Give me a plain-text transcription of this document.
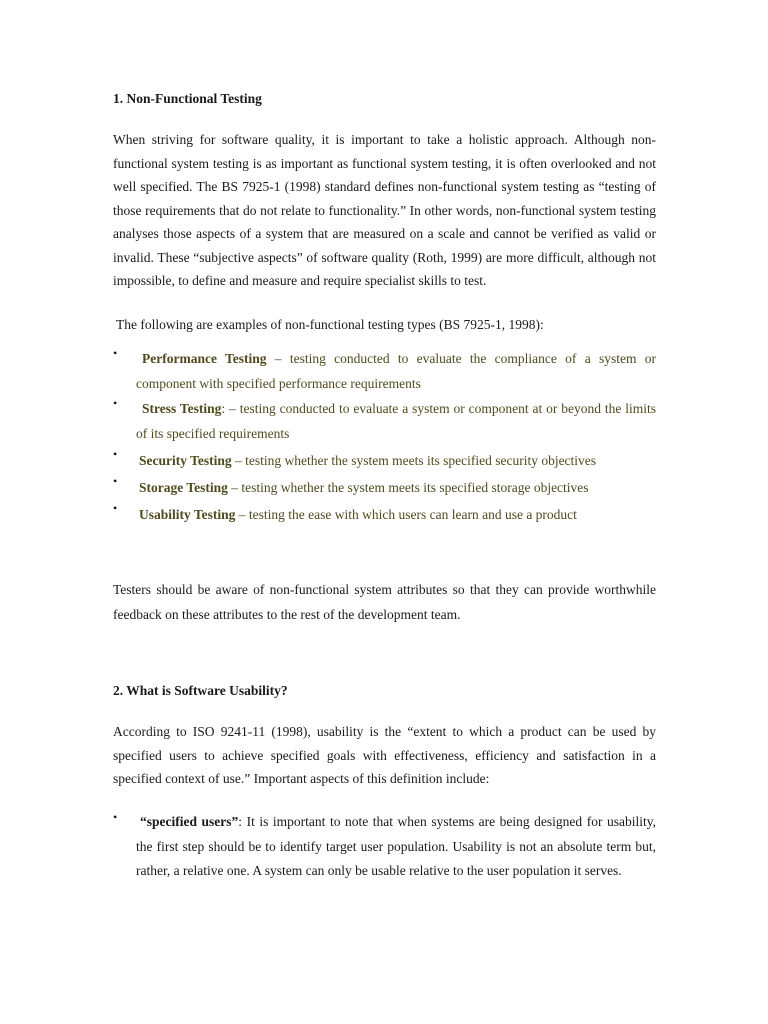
1. Non-Functional Testing

When striving for software quality, it is important to take a holistic approach. Although non-functional system testing is as important as functional system testing, it is often overlooked and not well specified. The BS 7925-1 (1998) standard defines non-functional system testing as “testing of those requirements that do not relate to functionality.” In other words, non-functional system testing analyses those aspects of a system that are measured on a scale and cannot be verified as valid or invalid. These “subjective aspects” of software quality (Roth, 1999) are more difficult, although not impossible, to define and measure and require specialist skills to test.

The following are examples of non-functional testing types (BS 7925-1, 1998):

•	Performance Testing – testing conducted to evaluate the compliance of a system or component with specified performance requirements
•	Stress Testing: – testing conducted to evaluate a system or component at or beyond the limits of its specified requirements
• Security Testing – testing whether the system meets its specified security objectives
• Storage Testing – testing whether the system meets its specified storage objectives
• Usability Testing – testing the ease with which users can learn and use a product

Testers should be aware of non-functional system attributes so that they can provide worthwhile feedback on these attributes to the rest of the development team.

2. What is Software Usability?

According to ISO 9241-11 (1998), usability is the “extent to which a product can be used by specified users to achieve specified goals with effectiveness, efficiency and satisfaction in a specified context of use.” Important aspects of this definition include:

• “specified users”: It is important to note that when systems are being designed for usability, the first step should be to identify target user population. Usability is not an absolute term but, rather, a relative one. A system can only be usable relative to the user population it serves.
